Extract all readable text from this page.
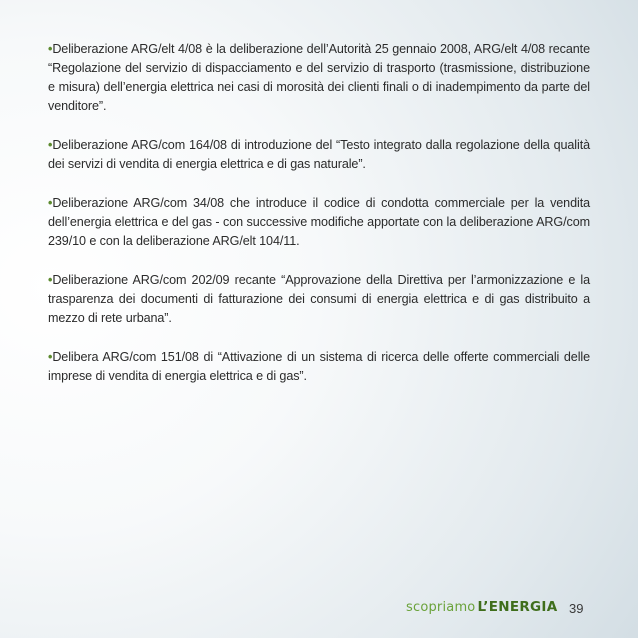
•Deliberazione ARG/elt 4/08 è la deliberazione dell’Autorità 25 gennaio 2008, ARG/elt 4/08 recante “Regolazione del servizio di dispacciamento e del servizio di trasporto (trasmissione, distribuzione e misura) dell’energia elettrica nei casi di morosità dei clienti finali o di inadempimento da parte del venditore”.

•Deliberazione ARG/com 164/08 di introduzione del “Testo integrato dalla regolazione della qualità dei servizi di vendita di energia elettrica e di gas naturale”.

•Deliberazione ARG/com 34/08 che introduce il codice di condotta commerciale per la vendita dell’energia elettrica e del gas - con successive modifiche apportate con la deliberazione ARG/com 239/10 e con la deliberazione ARG/elt 104/11.

•Deliberazione ARG/com 202/09 recante “Approvazione della Direttiva per l’armonizzazione e la trasparenza dei documenti di fatturazione dei consumi di energia elettrica e di gas distribuito a mezzo di rete urbana”.

•Delibera ARG/com 151/08 di “Attivazione di un sistema di ricerca delle offerte commerciali delle imprese di vendita di energia elettrica e di gas”.

scopriamo L’ENERGIA 39
